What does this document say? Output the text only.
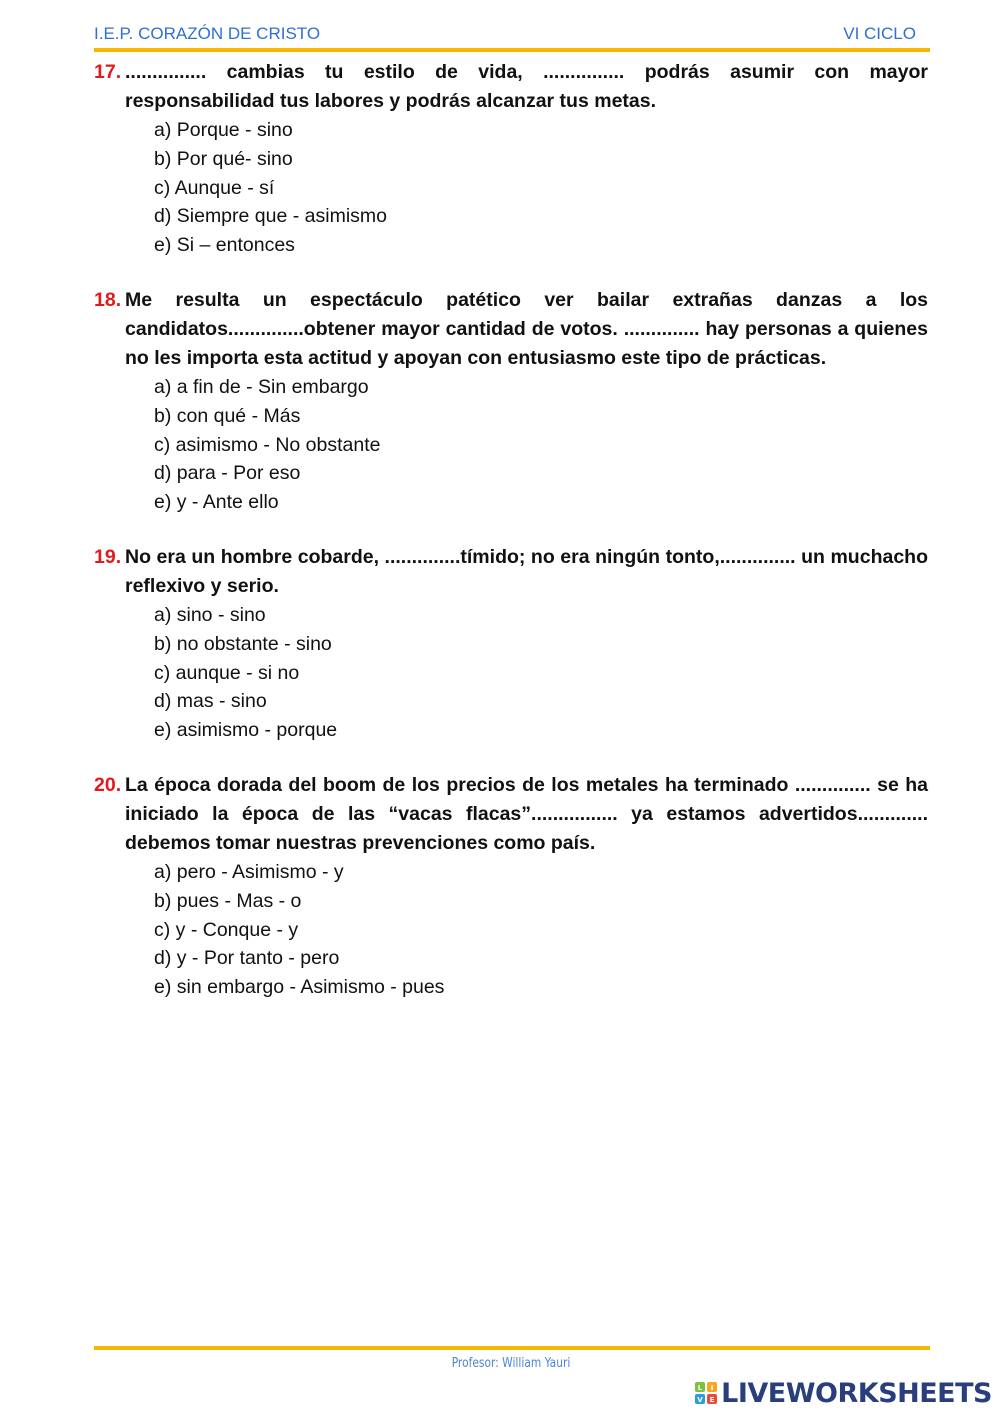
I.E.P. CORAZÓN DE CRISTO	VI CICLO
17. ............... cambias tu estilo de vida, ............... podrás asumir con mayor responsabilidad tus labores y podrás alcanzar tus metas.
a) Porque - sino
b) Por qué- sino
c) Aunque - sí
d) Siempre que - asimismo
e) Si – entonces
18. Me resulta un espectáculo patético ver bailar extrañas danzas a los candidatos..............obtener mayor cantidad de votos. .............. hay personas a quienes no les importa esta actitud y apoyan con entusiasmo este tipo de prácticas.
a) a fin de - Sin embargo
b) con qué - Más
c) asimismo - No obstante
d) para - Por eso
e) y - Ante ello
19. No era un hombre cobarde, ..............tímido; no era ningún tonto,.............. un muchacho reflexivo y serio.
a) sino - sino
b) no obstante - sino
c) aunque - si no
d) mas - sino
e) asimismo - porque
20. La época dorada del boom de los precios de los metales ha terminado .............. se ha iniciado la época de las “vacas flacas”................ ya estamos advertidos............. debemos tomar nuestras prevenciones como país.
a) pero - Asimismo - y
b) pues - Mas - o
c) y - Conque - y
d) y - Por tanto - pero
e) sin embargo - Asimismo - pues
Profesor: William Yauri
L I
V E LIVEWORKSHEETS
